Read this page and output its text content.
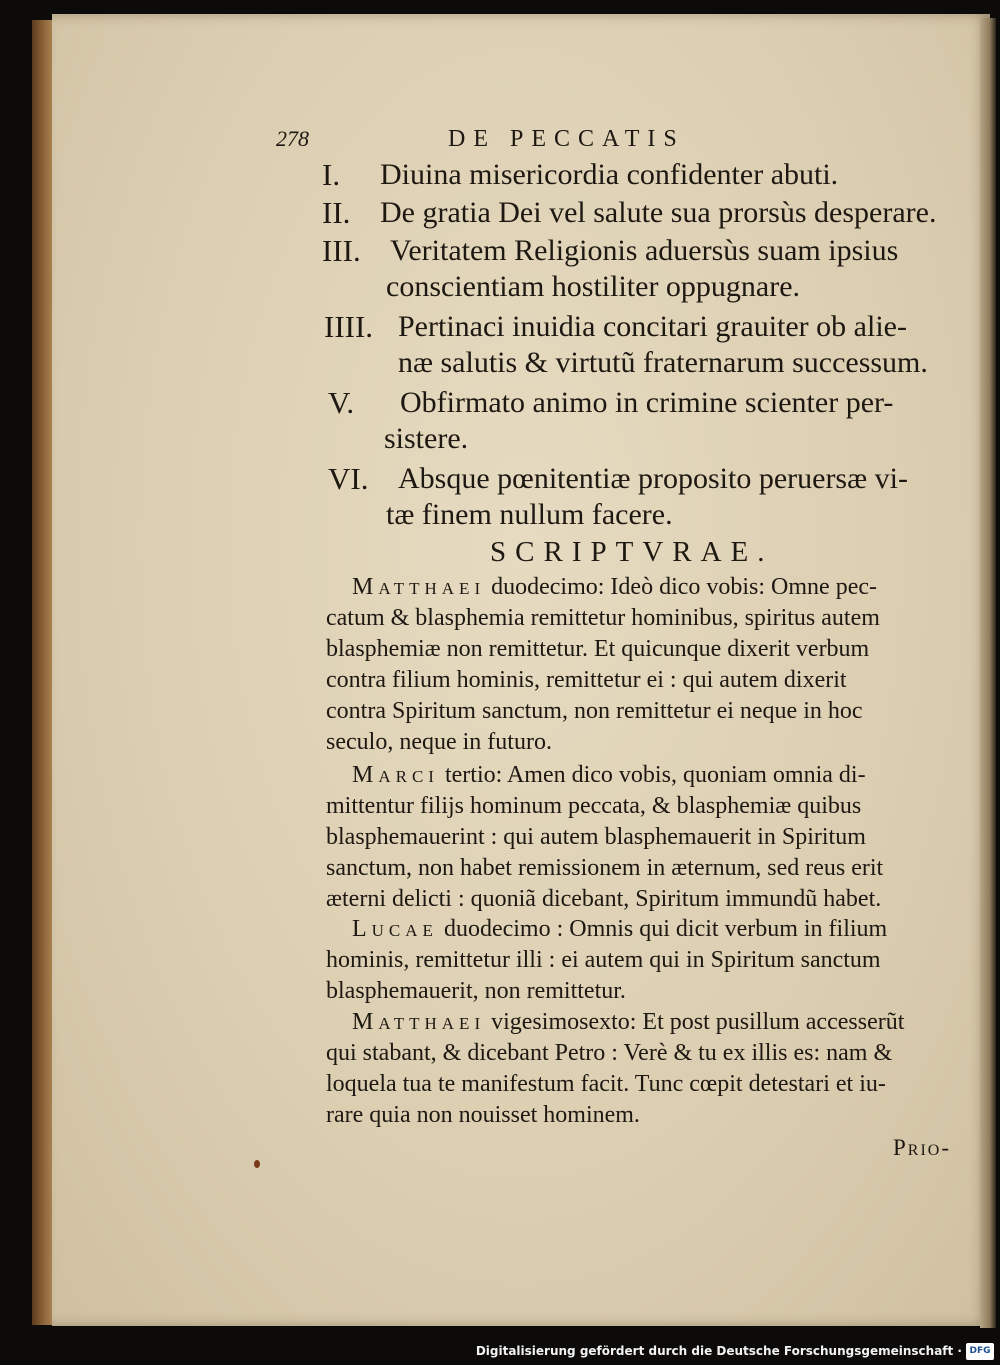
278	DE PECCATIS
I. Diuina misericordia confidenter abuti.
II. De gratia Dei vel salute sua prorsùs desperare.
III. Veritatem Religionis aduersùs suam ipsius
conscientiam hostiliter oppugnare.
IIII. Pertinaci inuidia concitari grauiter ob alie-
næ salutis & virtutũ fraternarum successum.
V. Obfirmato animo in crimine scienter per-
sistere.
VI. Absque pœnitentiæ proposito peruersæ vi-
tæ finem nullum facere.
SCRIPTVRAE.
Matthaei duodecimo: Ideò dico vobis: Omne pec-
catum & blasphemia remittetur hominibus, spiritus autem
blasphemiæ non remittetur. Et quicunque dixerit verbum
contra filium hominis, remittetur ei : qui autem dixerit
contra Spiritum sanctum, non remittetur ei neque in hoc
seculo, neque in futuro.
Marci tertio: Amen dico vobis, quoniam omnia di-
mittentur filijs hominum peccata, & blasphemiæ quibus
blasphemauerint : qui autem blasphemauerit in Spiritum
sanctum, non habet remissionem in æternum, sed reus erit
æterni delicti : quoniã dicebant, Spiritum immundũ habet.
Lucae duodecimo : Omnis qui dicit verbum in filium
hominis, remittetur illi : ei autem qui in Spiritum sanctum
blasphemauerit, non remittetur.
Matthaei vigesimosexto: Et post pusillum accesserũt
qui stabant, & dicebant Petro : Verè & tu ex illis es: nam &
loquela tua te manifestum facit. Tunc cœpit detestari et iu-
rare quia non nouisset hominem.
Prio-
Digitalisierung gefördert durch die Deutsche Forschungsgemeinschaft · DFG
